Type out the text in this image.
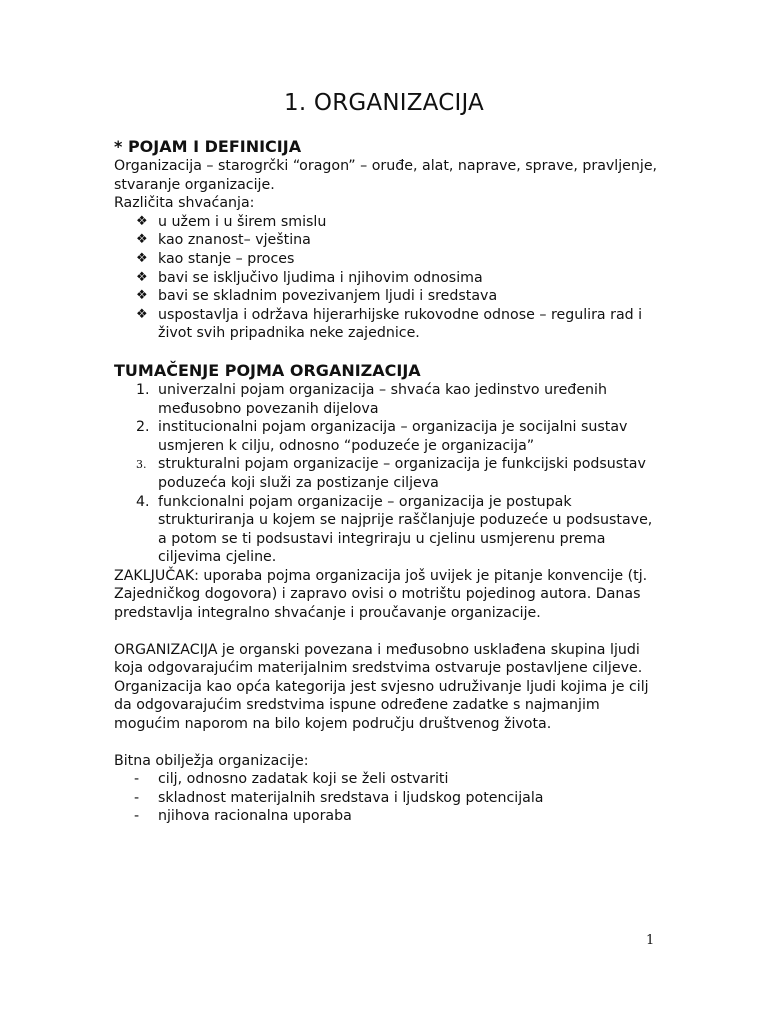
1. ORGANIZACIJA
* POJAM I DEFINICIJA

Organizacija – starogrčki “oragon” – oruđe, alat, naprave, sprave, pravljenje, stvaranje organizacije.

Različita shvaćanja:

❖ u užem i u širem smislu
❖ kao znanost– vještina
❖ kao stanje – proces
❖ bavi se isključivo ljudima i njihovim odnosima
❖ bavi se skladnim povezivanjem ljudi i sredstava
❖ uspostavlja i održava hijerarhijske rukovodne odnose – regulira rad i život svih pripadnika neke zajednice.
TUMAČENJE POJMA ORGANIZACIJA
1. univerzalni pojam organizacija – shvaća kao jedinstvo uređenih međusobno povezanih dijelova
2. institucionalni pojam organizacija – organizacija je socijalni sustav usmjeren k cilju, odnosno “poduzeće je organizacija”
3. strukturalni pojam organizacije – organizacija je funkcijski podsustav poduzeća koji služi za postizanje ciljeva
4. funkcionalni pojam organizacije – organizacija je postupak strukturiranja u kojem se najprije raščlanjuje poduzeće u podsustave, a potom se ti podsustavi integriraju u cjelinu usmjerenu prema ciljevima cjeline.

ZAKLJUČAK: uporaba pojma organizacija još uvijek je pitanje konvencije (tj. Zajedničkog dogovora) i zapravo ovisi o motrištu pojedinog autora. Danas predstavlja integralno shvaćanje i proučavanje organizacije.

ORGANIZACIJA je organski povezana i međusobno usklađena skupina ljudi koja odgovarajućim materijalnim sredstvima ostvaruje postavljene ciljeve.

Organizacija kao opća kategorija jest svjesno udruživanje ljudi kojima je cilj da odgovarajućim sredstvima ispune određene zadatke s najmanjim mogućim naporom na bilo kojem području društvenog života.

Bitna obilježja organizacije:

- cilj, odnosno zadatak koji se želi ostvariti
- skladnost materijalnih sredstava i ljudskog potencijala
- njihova racionalna uporaba
1
